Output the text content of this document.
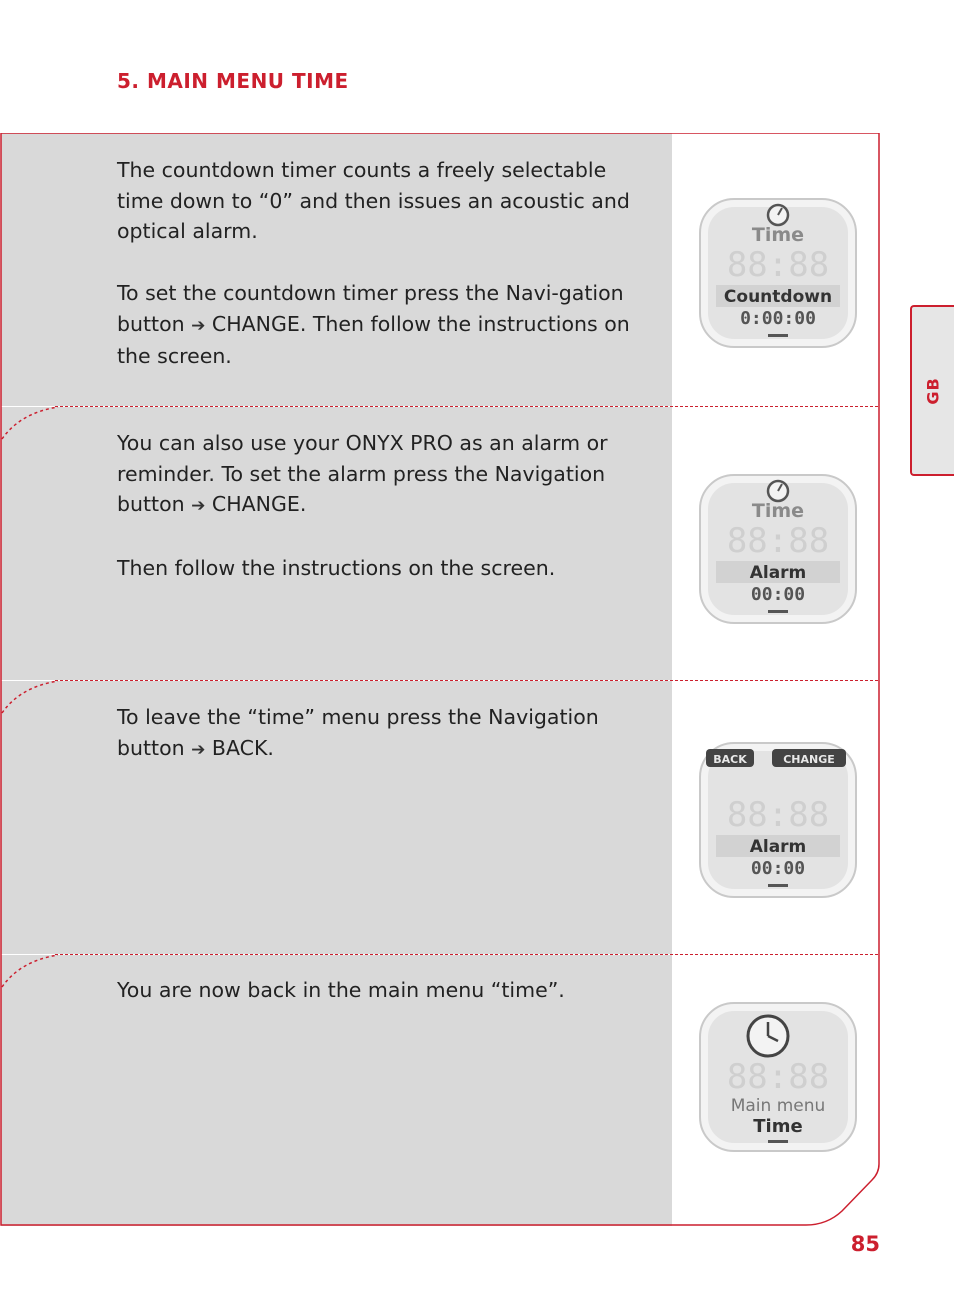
5. MAIN MENU TIME

The countdown timer counts a freely selectable time down to “0” and then issues an acoustic and optical alarm.

To set the countdown timer press the Navi-gation button ➔ CHANGE. Then follow the instructions on the screen.

Time
88:88
Countdown
0:00:00

You can also use your ONYX PRO as an alarm or reminder. To set the alarm press the Navigation button ➔ CHANGE.

Then follow the instructions on the screen.

Time
88:88
Alarm
00:00

To leave the “time” menu press the Navigation button ➔ BACK.	BACK	CHANGE
88:88
Alarm
00:00

You are now back in the main menu “time”.

88:88
Main menu
Time
GB
85
